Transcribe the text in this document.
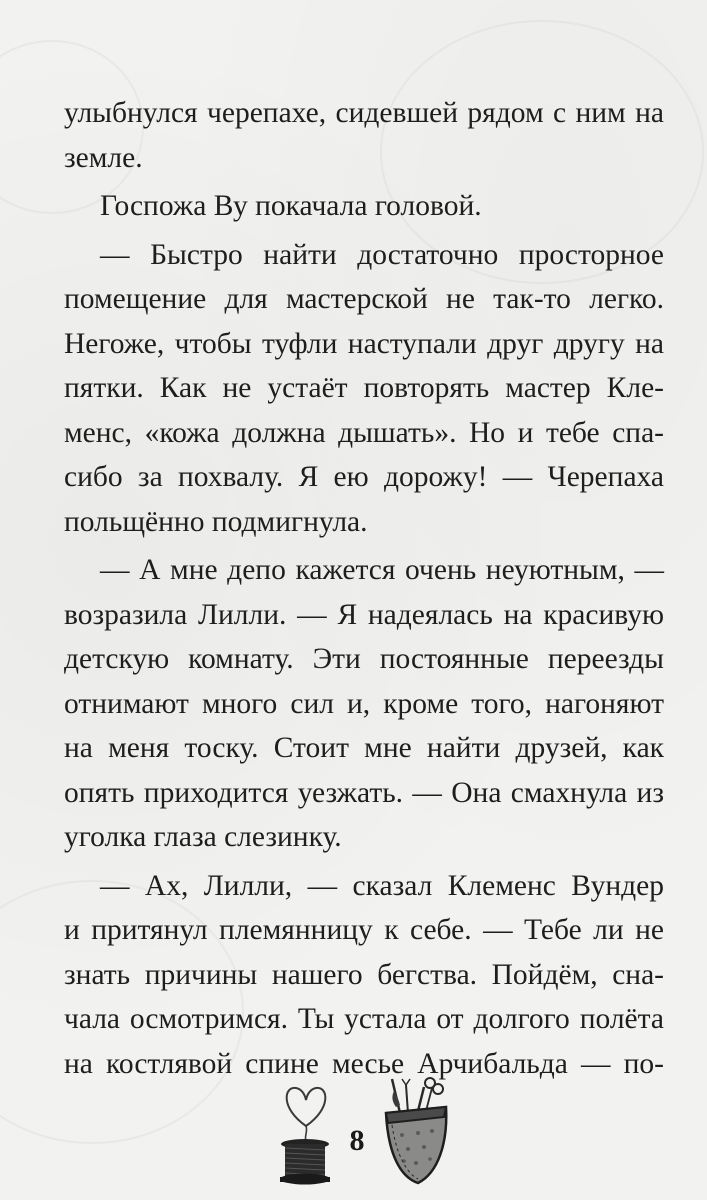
улыбнулся черепахе, сидевшей рядом с ним на
земле.
Госпожа Ву покачала головой.
— Быстро найти достаточно просторное
помещение для мастерской не так-то легко.
Негоже, чтобы туфли наступали друг другу на
пятки. Как не устаёт повторять мастер Кле-
менс, «кожа должна дышать». Но и тебе спа-
сибо за похвалу. Я ею дорожу! — Черепаха
польщённо подмигнула.
— А мне депо кажется очень неуютным, —
возразила Лилли. — Я надеялась на красивую
детскую комнату. Эти постоянные переезды
отнимают много сил и, кроме того, нагоняют
на меня тоску. Стоит мне найти друзей, как
опять приходится уезжать. — Она смахнула из
уголка глаза слезинку.
— Ах, Лилли, — сказал Клеменс Вундер
и притянул племянницу к себе. — Тебе ли не
знать причины нашего бегства. Пойдём, сна-
чала осмотримся. Ты устала от долгого полёта
на костлявой спине месье Арчибальда — по-
8
